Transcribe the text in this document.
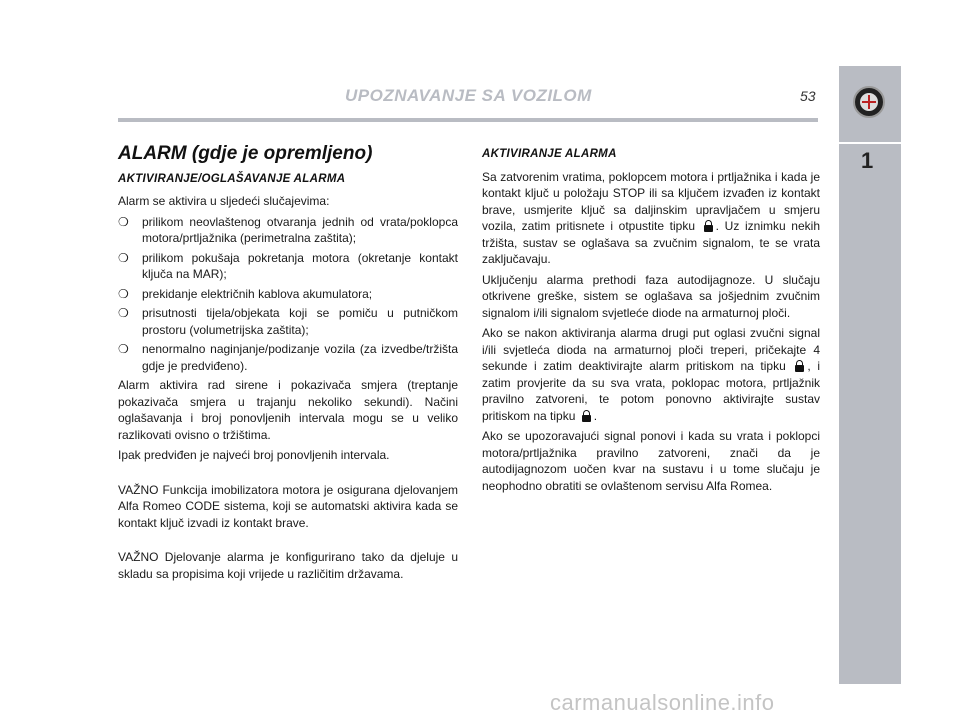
UPOZNAVANJE SA VOZILOM	53
1
ALARM (gdje je opremljeno)
AKTIVIRANJE/OGLAŠAVANJE ALARMA

Alarm se aktivira u sljedeći slučajevima:

❍ prilikom neovlaštenog otvaranja jednih od vrata/poklopca motora/prtljažnika (perimetralna zaštita);
❍ prilikom pokušaja pokretanja motora (okretanje kontakt ključa na MAR);
❍ prekidanje električnih kablova akumulatora;
❍ prisutnosti tijela/objekata koji se pomiču u putničkom prostoru (volumetrijska zaštita);
❍ nenormalno naginjanje/podizanje vozila (za izvedbe/tržišta gdje je predviđeno).

Alarm aktivira rad sirene i pokazivača smjera (treptanje pokazivača smjera u trajanju nekoliko sekundi). Načini oglašavanja i broj ponovljenih intervala mogu se u veliko razlikovati ovisno o tržištima.

Ipak predviđen je najveći broj ponovljenih intervala.

VAŽNO Funkcija imobilizatora motora je osigurana djelovanjem Alfa Romeo CODE sistema, koji se automatski aktivira kada se kontakt ključ izvadi iz kontakt brave.

VAŽNO Djelovanje alarma je konfigurirano tako da djeluje u skladu sa propisima koji vrijede u različitim državama.

AKTIVIRANJE ALARMA

Sa zatvorenim vratima, poklopcem motora i prtljažnika i kada je kontakt ključ u položaju STOP ili sa ključem izvađen iz kontakt brave, usmjerite ključ sa daljinskim upravljačem u smjeru vozila, zatim pritisnete i otpustite tipku . Uz iznimku nekih tržišta, sustav se oglašava sa zvučnim signalom, te se vrata zaključavaju.

Uključenju alarma prethodi faza autodijagnoze. U slučaju otkrivene greške, sistem se oglašava sa jošjednim zvučnim signalom i/ili signalom svjetleće diode na armaturnoj ploči.

Ako se nakon aktiviranja alarma drugi put oglasi zvučni signal i/ili svjetleća dioda na armaturnoj ploči treperi, pričekajte 4 sekunde i zatim deaktivirajte alarm pritiskom na tipku , i zatim provjerite da su sva vrata, poklopac motora, prtljažnik pravilno zatvoreni, te potom ponovno aktivirajte sustav pritiskom na tipku .

Ako se upozoravajući signal ponovi i kada su vrata i poklopci motora/prtljažnika pravilno zatvoreni, znači da je autodijagnozom uočen kvar na sustavu i u tome slučaju je neophodno obratiti se ovlaštenom servisu Alfa Romea.

carmanualsonline.info
